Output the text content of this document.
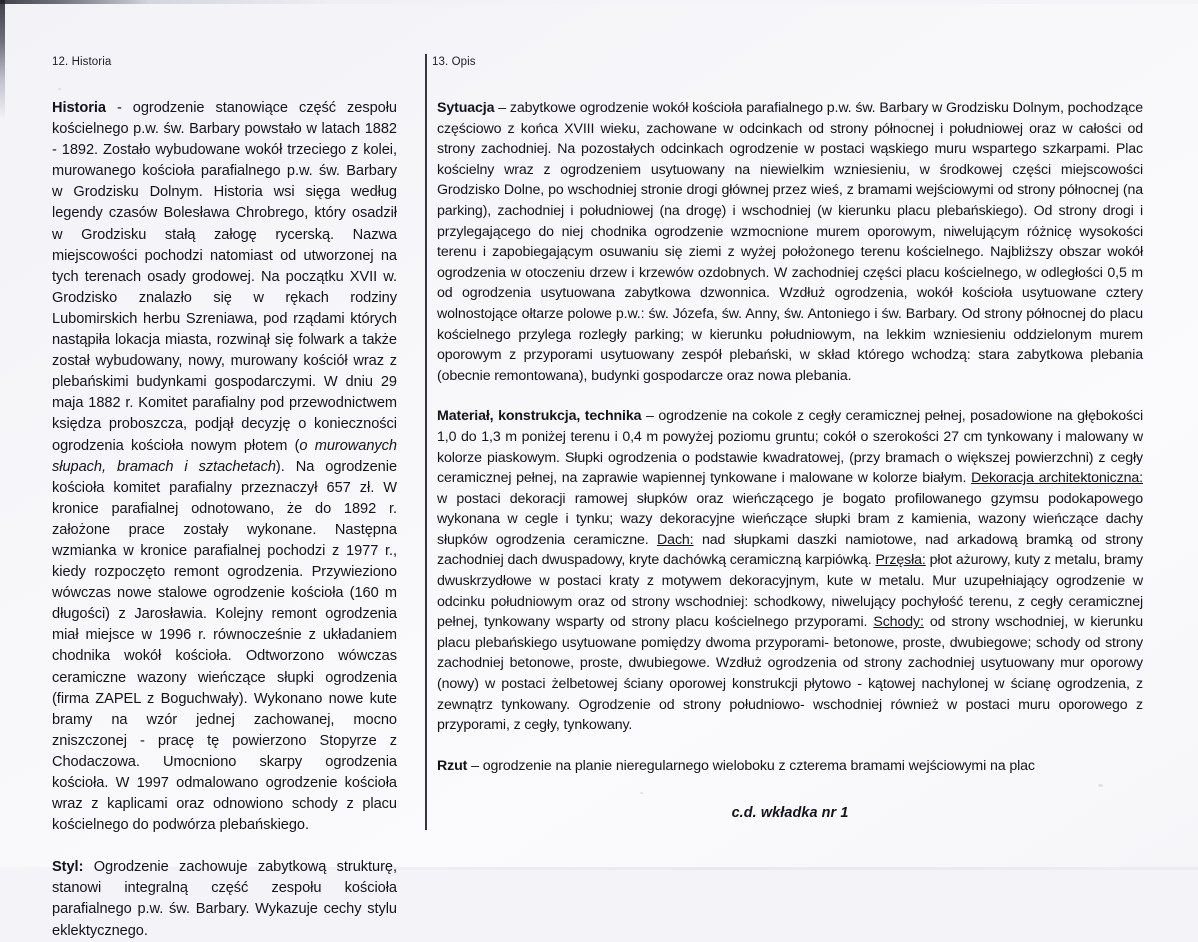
12. Historia	13. Opis

Historia - ogrodzenie stanowiące część zespołu kościelnego p.w. św. Barbary powstało w latach 1882 - 1892. Zostało wybudowane wokół trzeciego z kolei, murowanego kościoła parafialnego p.w. św. Barbary w Grodzisku Dolnym. Historia wsi sięga według legendy czasów Bolesława Chrobrego, który osadził w Grodzisku stałą załogę rycerską. Nazwa miejscowości pochodzi natomiast od utworzonej na tych terenach osady grodowej. Na początku XVII w. Grodzisko znalazło się w rękach rodziny Lubomirskich herbu Szreniawa, pod rządami których nastąpiła lokacja miasta, rozwinął się folwark a także został wybudowany, nowy, murowany kościół wraz z plebańskimi budynkami gospodarczymi. W dniu 29 maja 1882 r. Komitet parafialny pod przewodnictwem księdza proboszcza, podjął decyzję o konieczności ogrodzenia kościoła nowym płotem (o murowanych słupach, bramach i sztachetach). Na ogrodzenie kościoła komitet parafialny przeznaczył 657 zł. W kronice parafialnej odnotowano, że do 1892 r. założone prace zostały wykonane. Następna wzmianka w kronice parafialnej pochodzi z 1977 r., kiedy rozpoczęto remont ogrodzenia. Przywieziono wówczas nowe stalowe ogrodzenie kościoła (160 m długości) z Jarosławia. Kolejny remont ogrodzenia miał miejsce w 1996 r. równocześnie z układaniem chodnika wokół kościoła. Odtworzono wówczas ceramiczne wazony wieńczące słupki ogrodzenia (firma ZAPEL z Boguchwały). Wykonano nowe kute bramy na wzór jednej zachowanej, mocno zniszczonej - pracę tę powierzono Stopyrze z Chodaczowa. Umocniono skarpy ogrodzenia kościoła. W 1997 odmalowano ogrodzenie kościoła wraz z kaplicami oraz odnowiono schody z placu kościelnego do podwórza plebańskiego.

Styl: Ogrodzenie zachowuje zabytkową strukturę, stanowi integralną część zespołu kościoła parafialnego p.w. św. Barbary. Wykazuje cechy stylu eklektycznego.

Sytuacja – zabytkowe ogrodzenie wokół kościoła parafialnego p.w. św. Barbary w Grodzisku Dolnym, pochodzące częściowo z końca XVIII wieku, zachowane w odcinkach od strony północnej i południowej oraz w całości od strony zachodniej. Na pozostałych odcinkach ogrodzenie w postaci wąskiego muru wspartego szkarpami. Plac kościelny wraz z ogrodzeniem usytuowany na niewielkim wzniesieniu, w środkowej części miejscowości Grodzisko Dolne, po wschodniej stronie drogi głównej przez wieś, z bramami wejściowymi od strony północnej (na parking), zachodniej i południowej (na drogę) i wschodniej (w kierunku placu plebańskiego). Od strony drogi i przylegającego do niej chodnika ogrodzenie wzmocnione murem oporowym, niwelującym różnicę wysokości terenu i zapobiegającym osuwaniu się ziemi z wyżej położonego terenu kościelnego. Najbliższy obszar wokół ogrodzenia w otoczeniu drzew i krzewów ozdobnych. W zachodniej części placu kościelnego, w odległości 0,5 m od ogrodzenia usytuowana zabytkowa dzwonnica. Wzdłuż ogrodzenia, wokół kościoła usytuowane cztery wolnostojące ołtarze polowe p.w.: św. Józefa, św. Anny, św. Antoniego i św. Barbary. Od strony północnej do placu kościelnego przylega rozległy parking; w kierunku południowym, na lekkim wzniesieniu oddzielonym murem oporowym z przyporami usytuowany zespół plebański, w skład którego wchodzą: stara zabytkowa plebania (obecnie remontowana), budynki gospodarcze oraz nowa plebania.

Materiał, konstrukcja, technika – ogrodzenie na cokole z cegły ceramicznej pełnej, posadowione na głębokości 1,0 do 1,3 m poniżej terenu i 0,4 m powyżej poziomu gruntu; cokół o szerokości 27 cm tynkowany i malowany w kolorze piaskowym. Słupki ogrodzenia o podstawie kwadratowej, (przy bramach o większej powierzchni) z cegły ceramicznej pełnej, na zaprawie wapiennej tynkowane i malowane w kolorze białym. Dekoracja architektoniczna: w postaci dekoracji ramowej słupków oraz wieńczącego je bogato profilowanego gzymsu podokapowego wykonana w cegle i tynku; wazy dekoracyjne wieńczące słupki bram z kamienia, wazony wieńczące dachy słupków ogrodzenia ceramiczne. Dach: nad słupkami daszki namiotowe, nad arkadową bramką od strony zachodniej dach dwuspadowy, kryte dachówką ceramiczną karpiówką. Przęsła: płot ażurowy, kuty z metalu, bramy dwuskrzydłowe w postaci kraty z motywem dekoracyjnym, kute w metalu. Mur uzupełniający ogrodzenie w odcinku południowym oraz od strony wschodniej: schodkowy, niwelujący pochyłość terenu, z cegły ceramicznej pełnej, tynkowany wsparty od strony placu kościelnego przyporami. Schody: od strony wschodniej, w kierunku placu plebańskiego usytuowane pomiędzy dwoma przyporami- betonowe, proste, dwubiegowe; schody od strony zachodniej betonowe, proste, dwubiegowe. Wzdłuż ogrodzenia od strony zachodniej usytuowany mur oporowy (nowy) w postaci żelbetowej ściany oporowej konstrukcji płytowo - kątowej nachylonej w ścianę ogrodzenia, z zewnątrz tynkowany. Ogrodzenie od strony południowo- wschodniej również w postaci muru oporowego z przyporami, z cegły, tynkowany.

Rzut – ogrodzenie na planie nieregularnego wieloboku z czterema bramami wejściowymi na plac

c.d. wkładka nr 1
